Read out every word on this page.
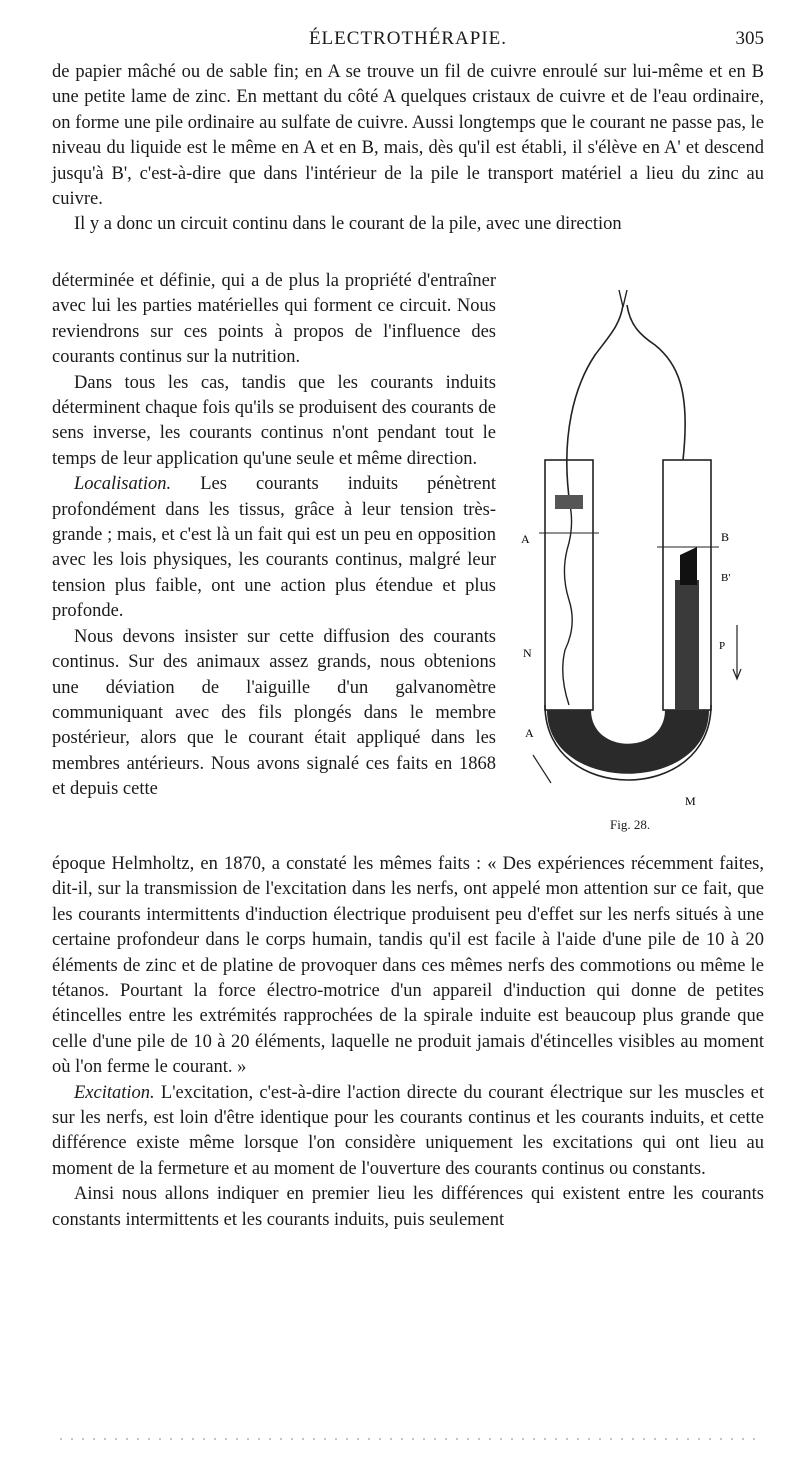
ÉLECTROTHÉRAPIE.	305

de papier mâché ou de sable fin; en A se trouve un fil de cuivre enroulé sur lui-même et en B une petite lame de zinc. En mettant du côté A quelques cristaux de cuivre et de l'eau ordinaire, on forme une pile ordinaire au sulfate de cuivre. Aussi longtemps que le courant ne passe pas, le niveau du liquide est le même en A et en B, mais, dès qu'il est établi, il s'élève en A' et descend jusqu'à B', c'est-à-dire que dans l'intérieur de la pile le transport matériel a lieu du zinc au cuivre.

Il y a donc un circuit continu dans le courant de la pile, avec une direction

déterminée et définie, qui a de plus la propriété d'entraîner avec lui les parties matérielles qui forment ce circuit. Nous reviendrons sur ces points à propos de l'influence des courants continus sur la nutrition.

Dans tous les cas, tandis que les courants induits déterminent chaque fois qu'ils se produisent des courants de sens inverse, les courants continus n'ont pendant tout le temps de leur application qu'une seule et même direction.

Localisation. Les courants induits pénètrent profondément dans les tissus, grâce à leur tension très-grande ; mais, et c'est là un fait qui est un peu en opposition avec les lois physiques, les courants continus, malgré leur tension plus faible, ont une action plus étendue et plus profonde.

Nous devons insister sur cette diffusion des courants continus. Sur des animaux assez grands, nous obtenions une déviation de l'aiguille d'un galvanomètre communiquant avec des fils plongés dans le membre postérieur, alors que le courant était appliqué dans les membres antérieurs. Nous avons signalé ces faits en 1868 et depuis cette

époque Helmholtz, en 1870, a constaté les mêmes faits : « Des expériences récemment faites, dit-il, sur la transmission de l'excitation dans les nerfs, ont appelé mon attention sur ce fait, que les courants intermittents d'induction électrique produisent peu d'effet sur les nerfs situés à une certaine profondeur dans le corps humain, tandis qu'il est facile à l'aide d'une pile de 10 à 20 éléments de zinc et de platine de provoquer dans ces mêmes nerfs des commotions ou même le tétanos. Pourtant la force électro-motrice d'un appareil d'induction qui donne de petites étincelles entre les extrémités rapprochées de la spirale induite est beaucoup plus grande que celle d'une pile de 10 à 20 éléments, laquelle ne produit jamais d'étincelles visibles au moment où l'on ferme le courant. »

Excitation. L'excitation, c'est-à-dire l'action directe du courant électrique sur les muscles et sur les nerfs, est loin d'être identique pour les courants continus et les courants induits, et cette différence existe même lorsque l'on considère uniquement les excitations qui ont lieu au moment de la fermeture et au moment de l'ouverture des courants continus ou constants.

Ainsi nous allons indiquer en premier lieu les différences qui existent entre les courants constants intermittents et les courants induits, puis seulement

A	B
B'
N	P
A
M
Fig. 28.
